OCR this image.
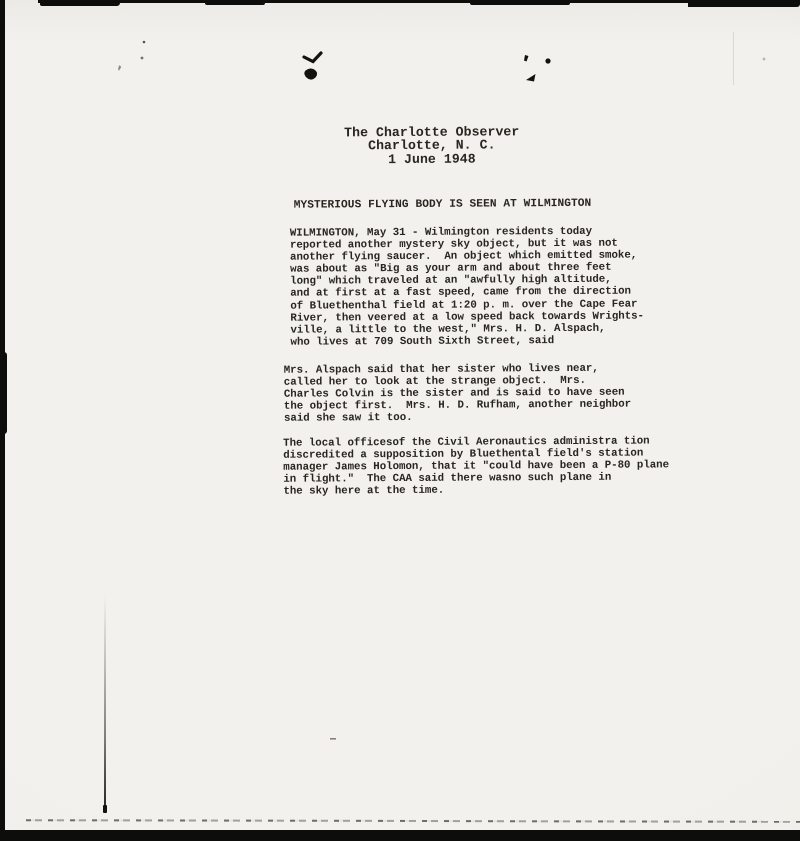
The Charlotte Observer
Charlotte, N. C.
1 June 1948
MYSTERIOUS FLYING BODY IS SEEN AT WILMINGTON
WILMINGTON, May 31 - Wilmington residents today
reported another mystery sky object, but it was not
another flying saucer.  An object which emitted smoke,
was about as "Big as your arm and about three feet
long" which traveled at an "awfully high altitude,
and at first at a fast speed, came from the direction
of Bluethenthal field at 1:20 p. m. over the Cape Fear
River, then veered at a low speed back towards Wrights-
ville, a little to the west," Mrs. H. D. Alspach,
who lives at 709 South Sixth Street, said
Mrs. Alspach said that her sister who lives near,
called her to look at the strange object.  Mrs.
Charles Colvin is the sister and is said to have seen
the object first.  Mrs. H. D. Rufham, another neighbor
said she saw it too.
The local officesof the Civil Aeronautics administra tion
discredited a supposition by Bluethental field's station
manager James Holomon, that it "could have been a P-80 plane
in flight."  The CAA said there wasno such plane in
the sky here at the time.
